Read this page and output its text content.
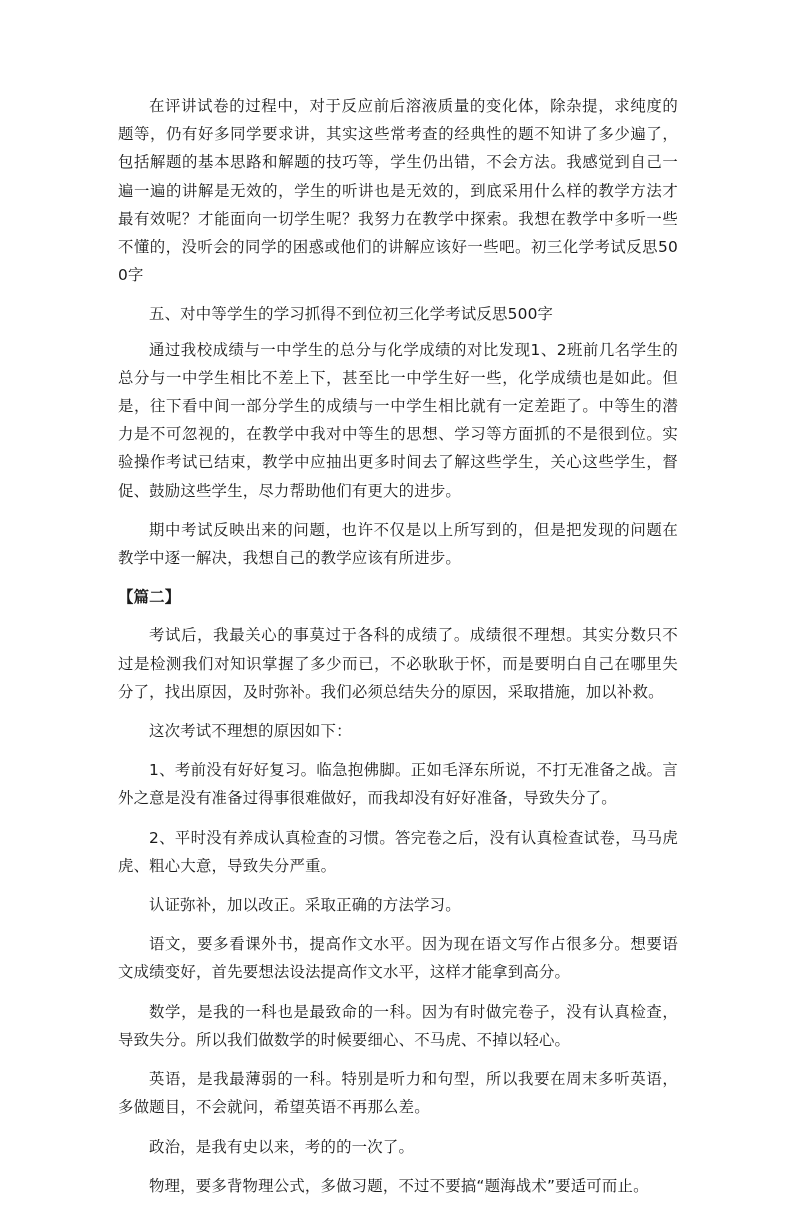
在评讲试卷的过程中，对于反应前后溶液质量的变化体，除杂提，求纯度的题等，仍有好多同学要求讲，其实这些常考查的经典性的题不知讲了多少遍了，包括解题的基本思路和解题的技巧等，学生仍出错，不会方法。我感觉到自己一遍一遍的讲解是无效的，学生的听讲也是无效的，到底采用什么样的教学方法才最有效呢？才能面向一切学生呢？我努力在教学中探索。我想在教学中多听一些不懂的，没听会的同学的困惑或他们的讲解应该好一些吧。初三化学考试反思500字

五、对中等学生的学习抓得不到位初三化学考试反思500字

通过我校成绩与一中学生的总分与化学成绩的对比发现1、2班前几名学生的总分与一中学生相比不差上下，甚至比一中学生好一些，化学成绩也是如此。但是，往下看中间一部分学生的成绩与一中学生相比就有一定差距了。中等生的潜力是不可忽视的，在教学中我对中等生的思想、学习等方面抓的不是很到位。实验操作考试已结束，教学中应抽出更多时间去了解这些学生，关心这些学生，督促、鼓励这些学生，尽力帮助他们有更大的进步。

期中考试反映出来的问题，也许不仅是以上所写到的，但是把发现的问题在教学中逐一解决，我想自己的教学应该有所进步。

【篇二】

考试后，我最关心的事莫过于各科的成绩了。成绩很不理想。其实分数只不过是检测我们对知识掌握了多少而已，不必耿耿于怀，而是要明白自己在哪里失分了，找出原因，及时弥补。我们必须总结失分的原因，采取措施，加以补救。

这次考试不理想的原因如下：

1、考前没有好好复习。临急抱佛脚。正如毛泽东所说，不打无准备之战。言外之意是没有准备过得事很难做好，而我却没有好好准备，导致失分了。

2、平时没有养成认真检查的习惯。答完卷之后，没有认真检查试卷，马马虎虎、粗心大意，导致失分严重。

认证弥补，加以改正。采取正确的方法学习。

语文，要多看课外书，提高作文水平。因为现在语文写作占很多分。想要语文成绩变好，首先要想法设法提高作文水平，这样才能拿到高分。

数学，是我的一科也是最致命的一科。因为有时做完卷子，没有认真检查，导致失分。所以我们做数学的时候要细心、不马虎、不掉以轻心。

英语，是我最薄弱的一科。特别是听力和句型，所以我要在周末多听英语，多做题目，不会就问，希望英语不再那么差。

政治，是我有史以来，考的的一次了。

物理，要多背物理公式，多做习题，不过不要搞“题海战术”要适可而止。
